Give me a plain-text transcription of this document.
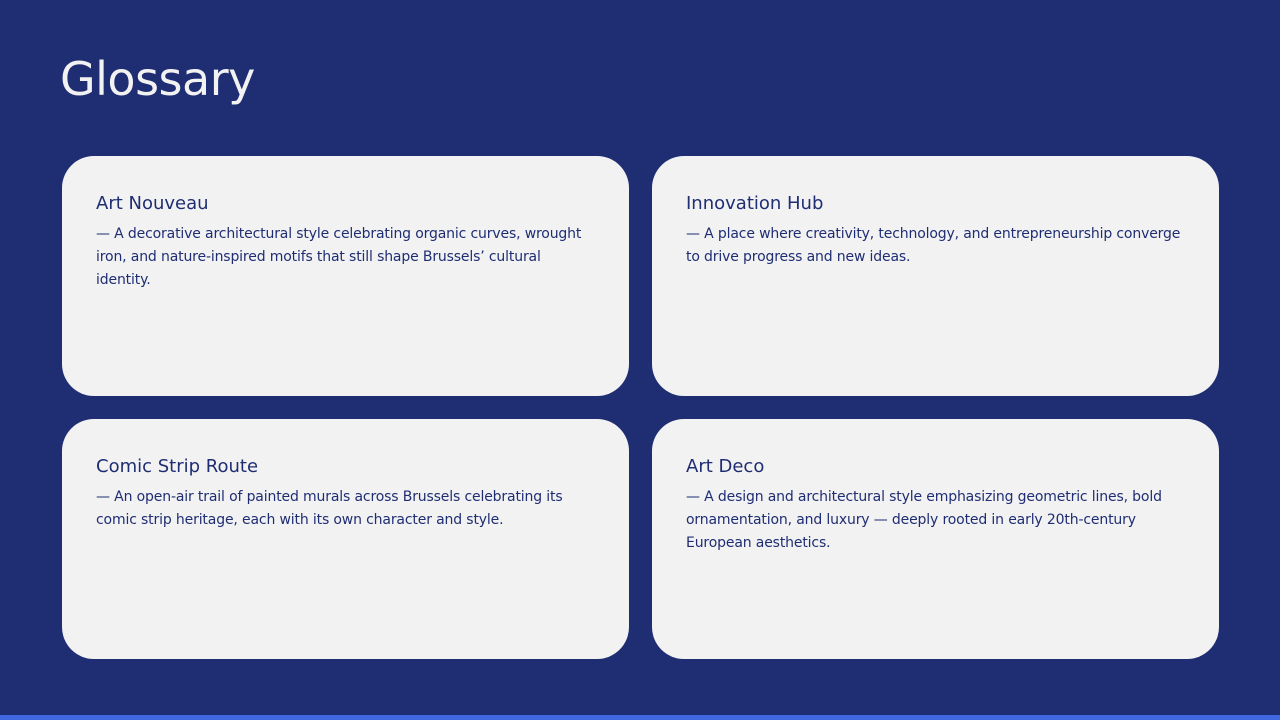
Glossary
Art Nouveau

— A decorative architectural style celebrating organic curves, wrought iron, and nature-inspired motifs that still shape Brussels’ cultural identity.

Innovation Hub

— A place where creativity, technology, and entrepreneurship converge to drive progress and new ideas.

Comic Strip Route

— An open-air trail of painted murals across Brussels celebrating its comic strip heritage, each with its own character and style.

Art Deco

— A design and architectural style emphasizing geometric lines, bold ornamentation, and luxury — deeply rooted in early 20th-century European aesthetics.
